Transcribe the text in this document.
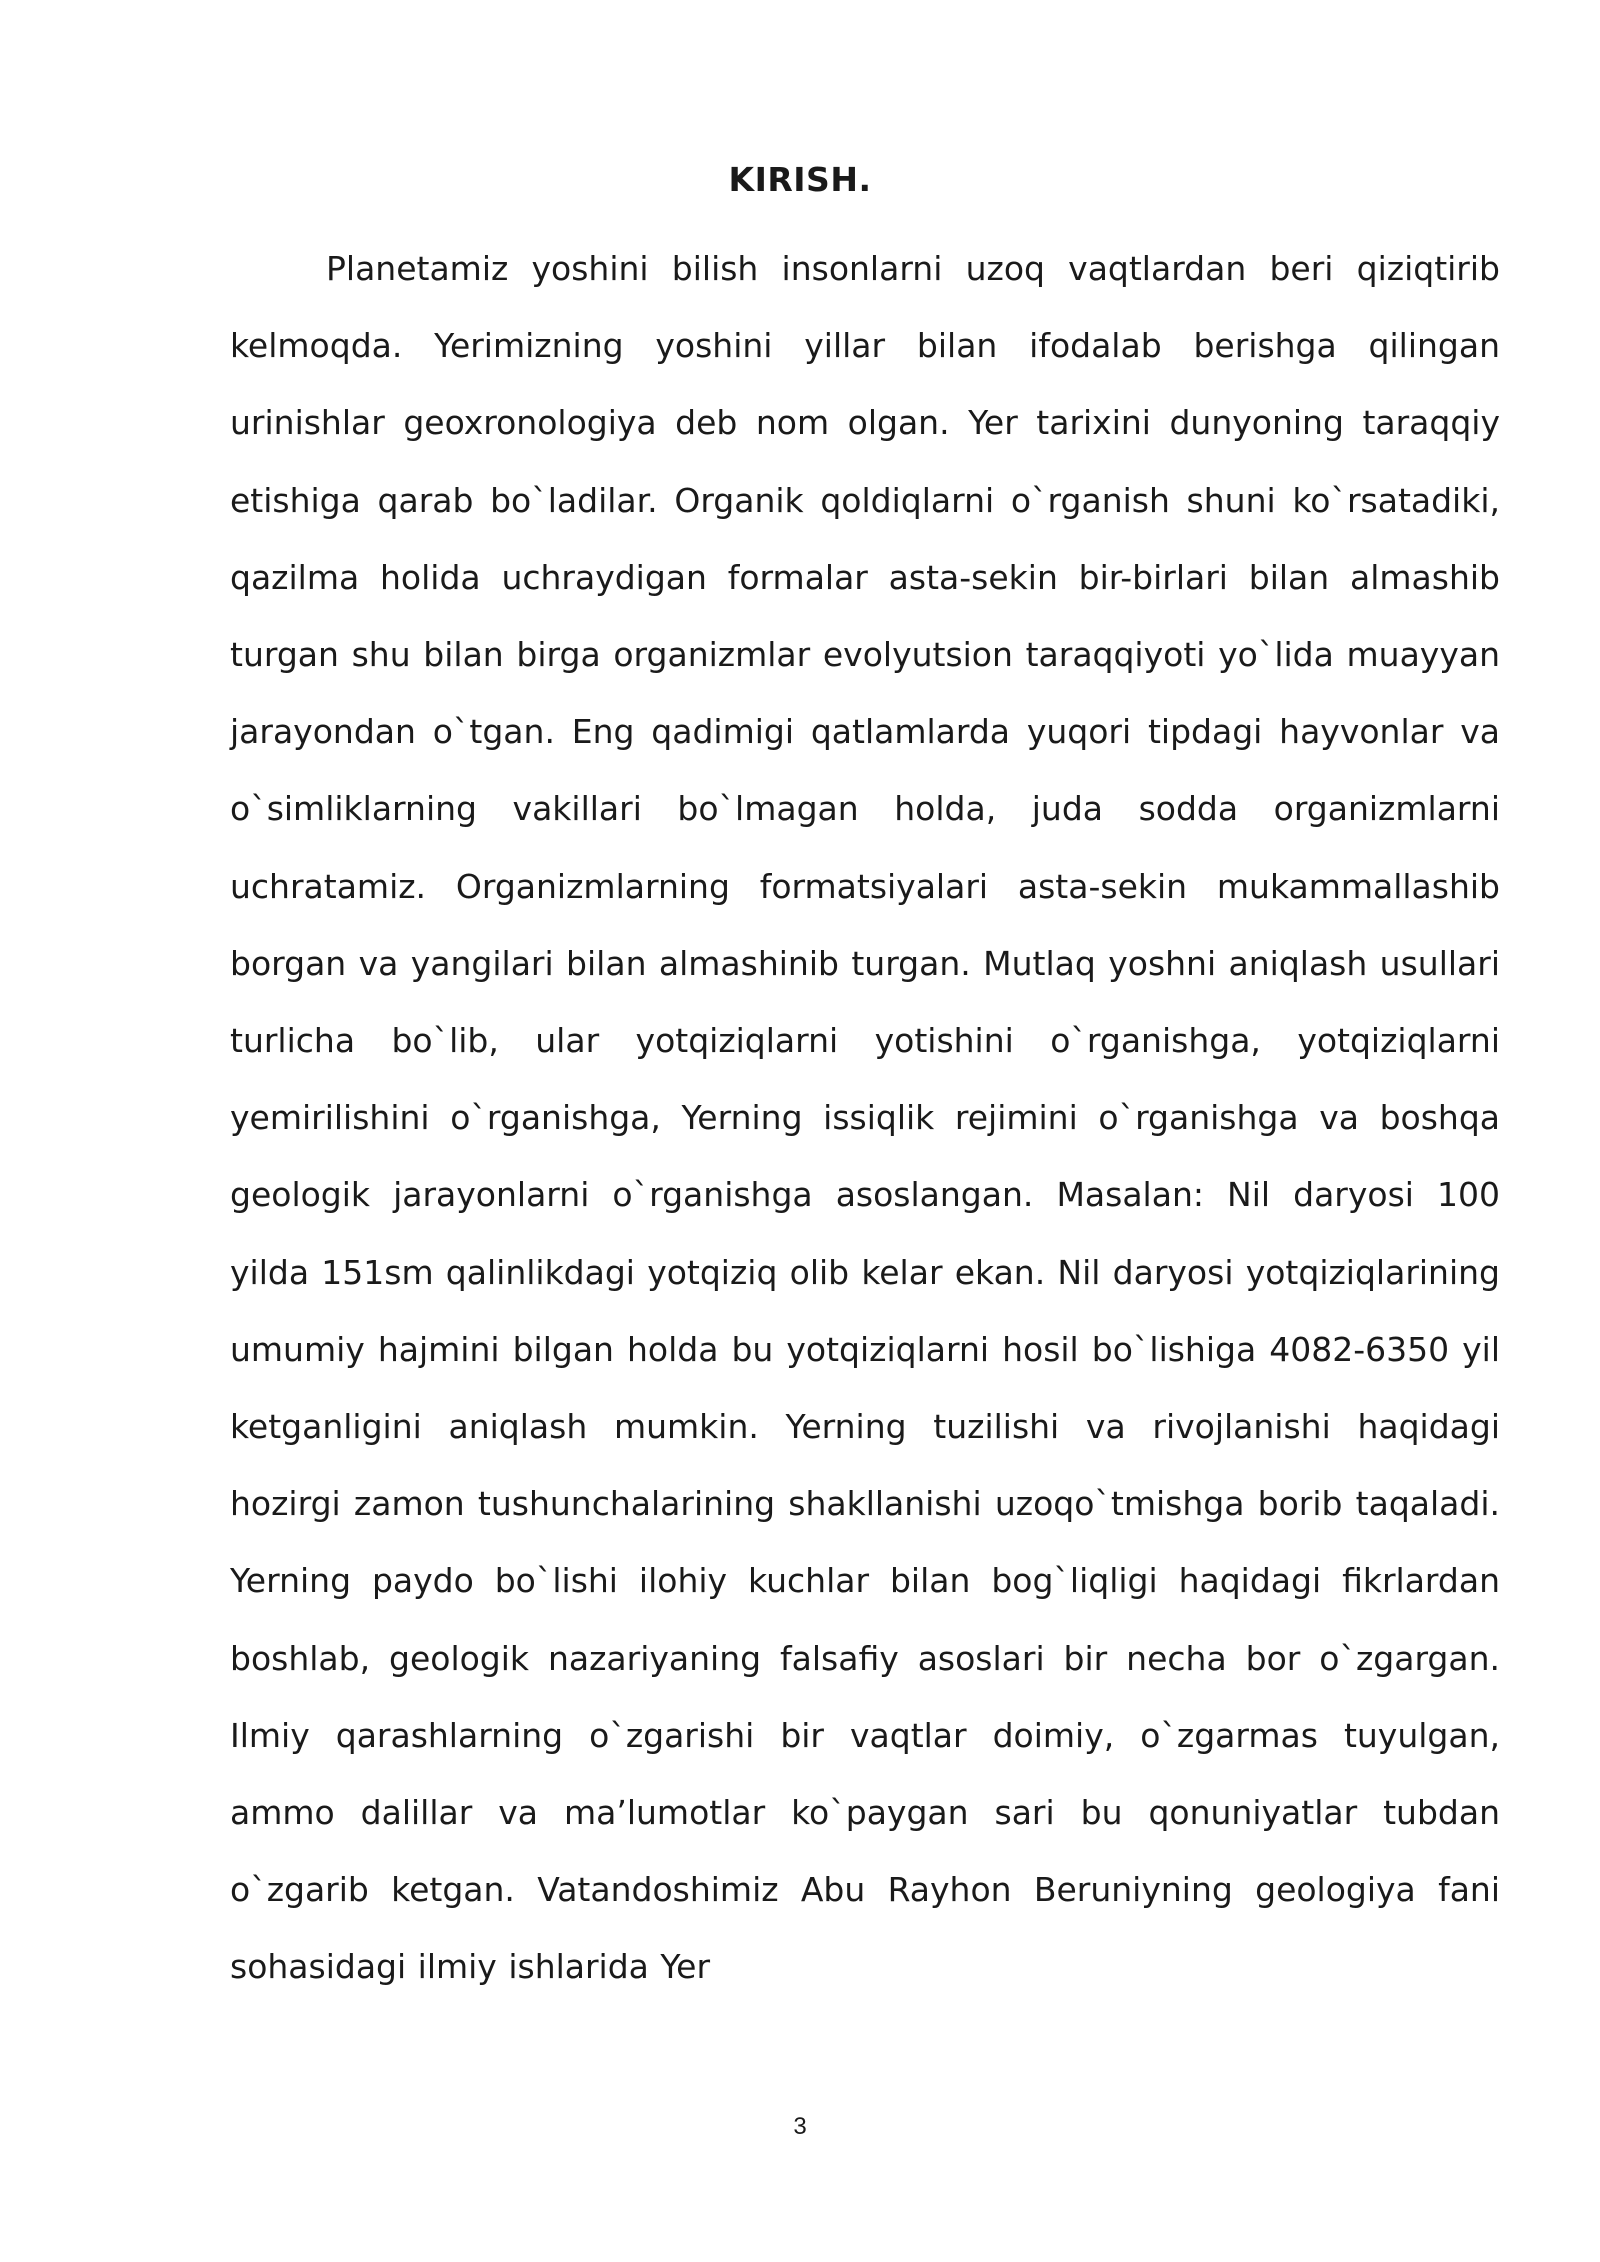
KIRISH.

Planetamiz yoshini bilish insonlarni uzoq vaqtlardan beri qiziqtirib kelmoqda. Yerimizning yoshini yillar bilan ifodalab berishga qilingan urinishlar geoxronologiya deb nom olgan. Yer tarixini dunyoning taraqqiy etishiga qarab bo`ladilar. Organik qoldiqlarni o`rganish shuni ko`rsatadiki, qazilma holida uchraydigan formalar asta-sekin bir-birlari bilan almashib turgan shu bilan birga organizmlar evolyutsion taraqqiyoti yo`lida muayyan jarayondan o`tgan. Eng qadimigi qatlamlarda yuqori tipdagi hayvonlar va o`simliklarning vakillari bo`lmagan holda, juda sodda organizmlarni uchratamiz. Organizmlarning formatsiyalari asta-sekin mukammallashib borgan va yangilari bilan almashinib turgan. Mutlaq yoshni aniqlash usullari turlicha bo`lib, ular yotqiziqlarni yotishini o`rganishga, yotqiziqlarni yemirilishini o`rganishga, Yerning issiqlik rejimini o`rganishga va boshqa geologik jarayonlarni o`rganishga asoslangan. Masalan: Nil daryosi 100 yilda 151sm qalinlikdagi yotqiziq olib kelar ekan. Nil daryosi yotqiziqlarining umumiy hajmini bilgan holda bu yotqiziqlarni hosil bo`lishiga 4082-6350 yil ketganligini aniqlash mumkin. Yerning tuzilishi va rivojlanishi haqidagi hozirgi zamon tushunchalarining shakllanishi uzoqo`tmishga borib taqaladi. Yerning paydo bo`lishi ilohiy kuchlar bilan bog`liqligi haqidagi fikrlardan boshlab, geologik nazariyaning falsafiy asoslari bir necha bor o`zgargan. Ilmiy qarashlarning o`zgarishi bir vaqtlar doimiy, o`zgarmas tuyulgan, ammo dalillar va ma’lumotlar ko`paygan sari bu qonuniyatlar tubdan o`zgarib ketgan. Vatandoshimiz Abu Rayhon Beruniyning geologiya fani sohasidagi ilmiy ishlarida Yer

3
